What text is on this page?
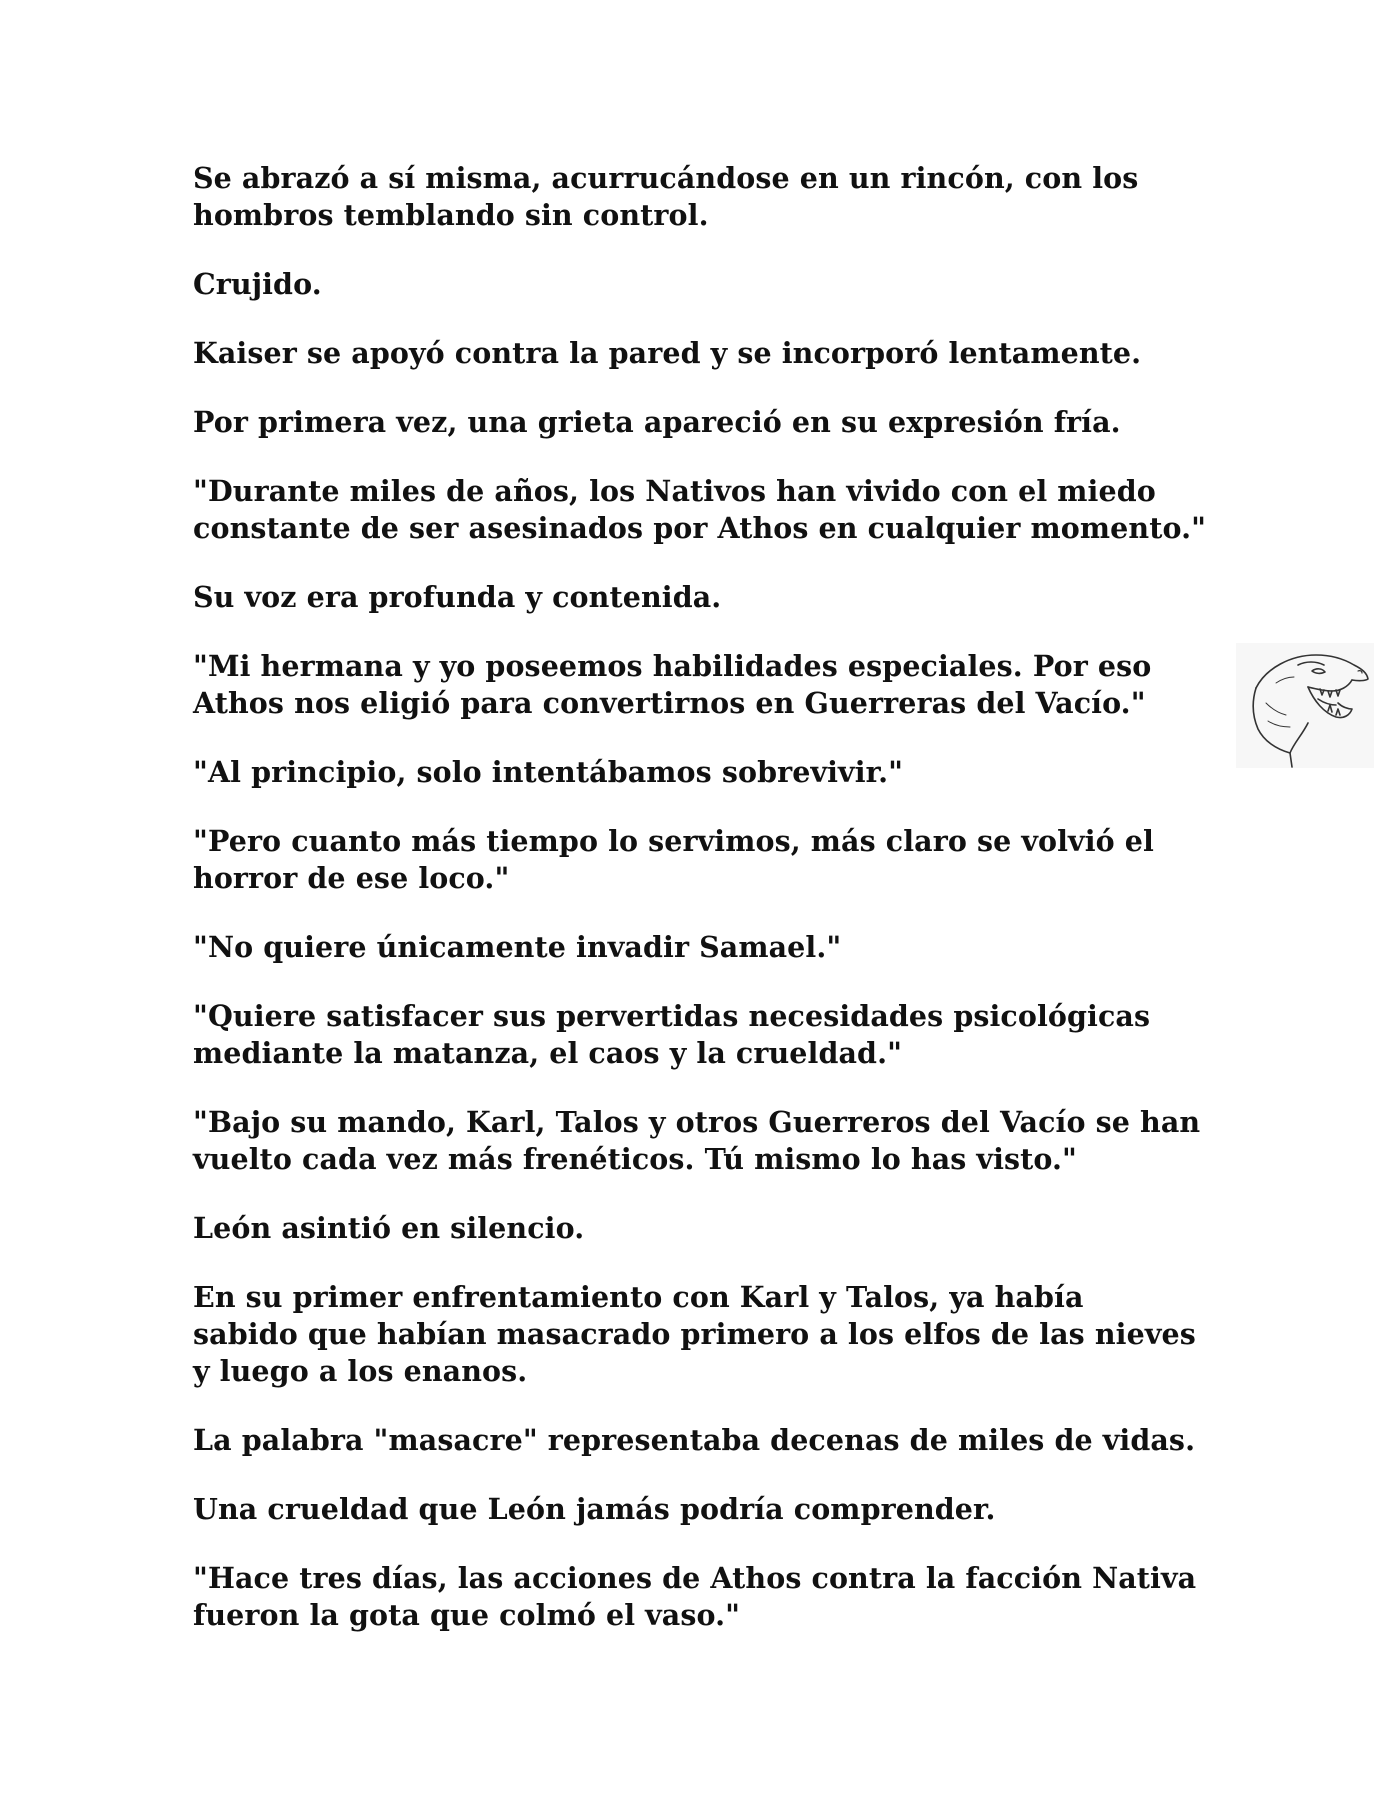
Se abrazó a sí misma, acurrucándose en un rincón, con los
hombros temblando sin control.

Crujido.

Kaiser se apoyó contra la pared y se incorporó lentamente.

Por primera vez, una grieta apareció en su expresión fría.

"Durante miles de años, los Nativos han vivido con el miedo
constante de ser asesinados por Athos en cualquier momento."

Su voz era profunda y contenida.

"Mi hermana y yo poseemos habilidades especiales. Por eso
Athos nos eligió para convertirnos en Guerreras del Vacío."

"Al principio, solo intentábamos sobrevivir."

"Pero cuanto más tiempo lo servimos, más claro se volvió el
horror de ese loco."

"No quiere únicamente invadir Samael."

"Quiere satisfacer sus pervertidas necesidades psicológicas
mediante la matanza, el caos y la crueldad."

"Bajo su mando, Karl, Talos y otros Guerreros del Vacío se han
vuelto cada vez más frenéticos. Tú mismo lo has visto."

León asintió en silencio.

En su primer enfrentamiento con Karl y Talos, ya había
sabido que habían masacrado primero a los elfos de las nieves
y luego a los enanos.

La palabra "masacre" representaba decenas de miles de vidas.

Una crueldad que León jamás podría comprender.

"Hace tres días, las acciones de Athos contra la facción Nativa
fueron la gota que colmó el vaso."
